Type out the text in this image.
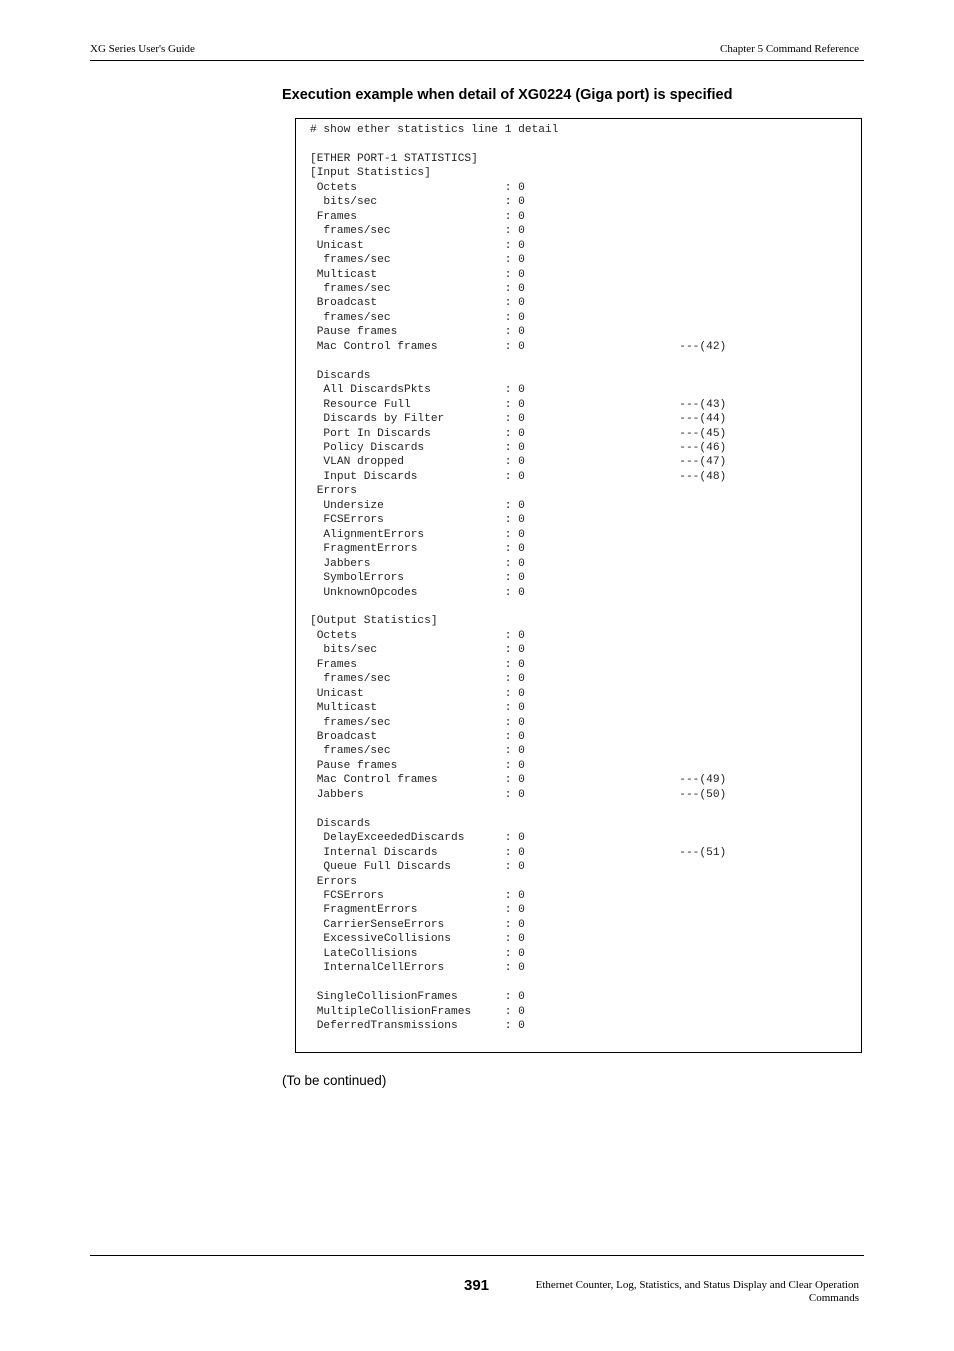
XG Series User's Guide	Chapter 5 Command Reference
Execution example when detail of XG0224 (Giga port) is specified
# show ether statistics line 1 detail

[ETHER PORT-1 STATISTICS]
[Input Statistics]
Octets                      : 0
bits/sec                   : 0
Frames                      : 0
frames/sec                 : 0
Unicast                     : 0
frames/sec                 : 0
Multicast                   : 0
frames/sec                 : 0
Broadcast                   : 0
frames/sec                 : 0
Pause frames                : 0
Mac Control frames          : 0                       ---(42)

Discards
All DiscardsPkts           : 0
Resource Full              : 0                       ---(43)
Discards by Filter         : 0                       ---(44)
Port In Discards           : 0                       ---(45)
Policy Discards            : 0                       ---(46)
VLAN dropped               : 0                       ---(47)
Input Discards             : 0                       ---(48)
Errors
Undersize                  : 0
FCSErrors                  : 0
AlignmentErrors            : 0
FragmentErrors             : 0
Jabbers                    : 0
SymbolErrors               : 0
UnknownOpcodes             : 0

[Output Statistics]
Octets                      : 0
bits/sec                   : 0
Frames                      : 0
frames/sec                 : 0
Unicast                     : 0
Multicast                   : 0
frames/sec                 : 0
Broadcast                   : 0
frames/sec                 : 0
Pause frames                : 0
Mac Control frames          : 0                       ---(49)
Jabbers                     : 0                       ---(50)

Discards
DelayExceededDiscards      : 0
Internal Discards          : 0                       ---(51)
Queue Full Discards        : 0
Errors
FCSErrors                  : 0
FragmentErrors             : 0
CarrierSenseErrors         : 0
ExcessiveCollisions        : 0
LateCollisions             : 0
InternalCellErrors         : 0

SingleCollisionFrames       : 0
MultipleCollisionFrames     : 0
DeferredTransmissions       : 0
(To be continued)
391	Ethernet Counter, Log, Statistics, and Status Display and Clear Operation
Commands
